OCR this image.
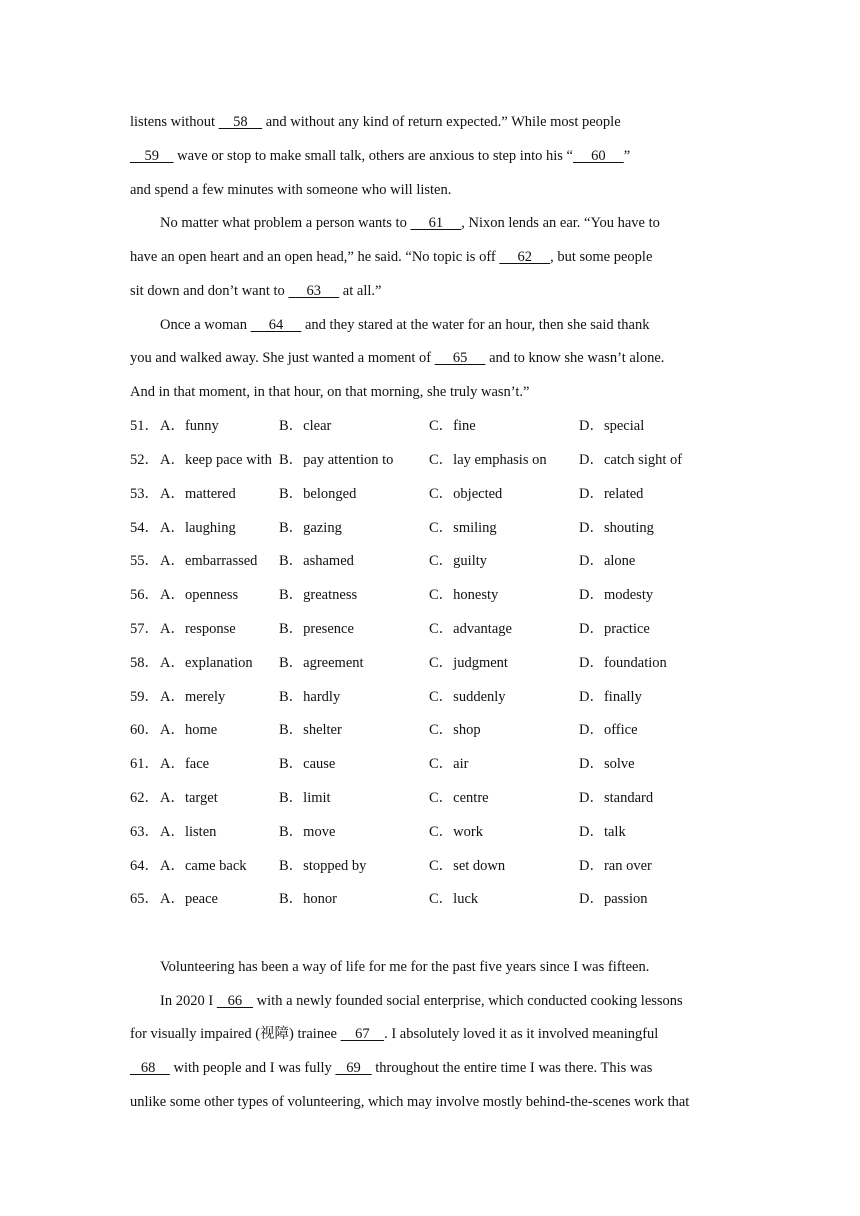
listens without     58     and without any kind of return expected.” While most people
59     wave or stop to make small talk, others are anxious to step into his “     60     ”
and spend a few minutes with someone who will listen.
No matter what problem a person wants to      61     , Nixon lends an ear. “You have to
have an open heart and an open head,” he said. “No topic is off      62     , but some people
sit down and don’t want to      63      at all.”
Once a woman      64      and they stared at the water for an hour, then she said thank
you and walked away. She just wanted a moment of      65      and to know she wasn’t alone.
And in that moment, in that hour, on that morning, she truly wasn’t.”
51． A．funny	B．clear	C．fine	D．special
52． A．keep pace with B．pay attention to C．lay emphasis on D．catch sight of
53． A．mattered	B．belonged	C．objected	D．related
54． A．laughing	B．gazing	C．smiling	D．shouting
55． A．embarrassed B．ashamed	C．guilty	D．alone
56． A．openness	B．greatness	C．honesty	D．modesty
57． A．response	B．presence	C．advantage	D．practice
58． A．explanation B．agreement	C．judgment	D．foundation
59． A．merely	B．hardly	C．suddenly	D．finally
60． A．home	B．shelter	C．shop	D．office
61． A．face	B．cause	C．air	D．solve
62． A．target	B．limit	C．centre	D．standard
63． A．listen	B．move	C．work	D．talk
64． A．came back B．stopped by	C．set down	D．ran over
65． A．peace	B．honor	C．luck	D．passion
Volunteering has been a way of life for me for the past five years since I was fifteen.
In 2020 I    66    with a newly founded social enterprise, which conducted cooking lessons
for visually impaired (视障) trainee     67    . I absolutely loved it as it involved meaningful
68     with people and I was fully    69    throughout the entire time I was there. This was
unlike some other types of volunteering, which may involve mostly behind-the-scenes work that
